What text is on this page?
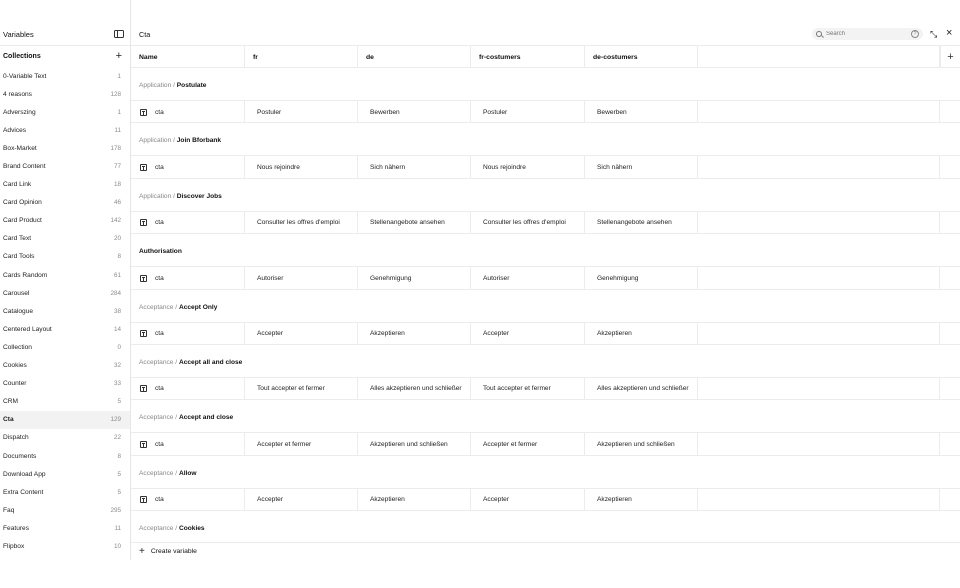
Variables
Collections	+
0-Variable Text	1
4 reasons	128
Adverszing	1
Advices	11
Box-Market	178
Brand Content	77
Card Link	18
Card Opinion	46
Card Product	142
Card Text	20
Card Tools	8
Cards Random	61
Carousel	284
Catalogue	38
Centered Layout	14
Collection	0
Cookies	32
Counter	33
CRM	5
Cta	129
Dispatch	22
Documents	8
Download App	5
Extra Content	5
Faq	295
Features	11
Flipbox	10
Cta
Search	? ⤡ ×
Name	fr	de	fr-costumers	de-costumers	+
Application / Postulate
cta	Postuler	Bewerben	Postuler	Bewerben
Application / Join Bforbank
cta	Nous rejoindre	Sich nähern	Nous rejoindre	Sich nähern
Application / Discover Jobs
cta	Consulter les offres d'emploi	Stellenangebote ansehen	Consulter les offres d'emploi	Stellenangebote ansehen
Authorisation
cta	Autoriser	Genehmigung	Autoriser	Genehmigung
Acceptance / Accept Only
cta	Accepter	Akzeptieren	Accepter	Akzeptieren
Acceptance / Accept all and close
cta	Tout accepter et fermer	Alles akzeptieren und schließer	Tout accepter et fermer	Alles akzeptieren und schließer
Acceptance / Accept and close
cta	Accepter et fermer	Akzeptieren und schließen	Accepter et fermer	Akzeptieren und schließen
Acceptance / Allow
cta	Accepter	Akzeptieren	Accepter	Akzeptieren
Acceptance / Cookies
+ Create variable
